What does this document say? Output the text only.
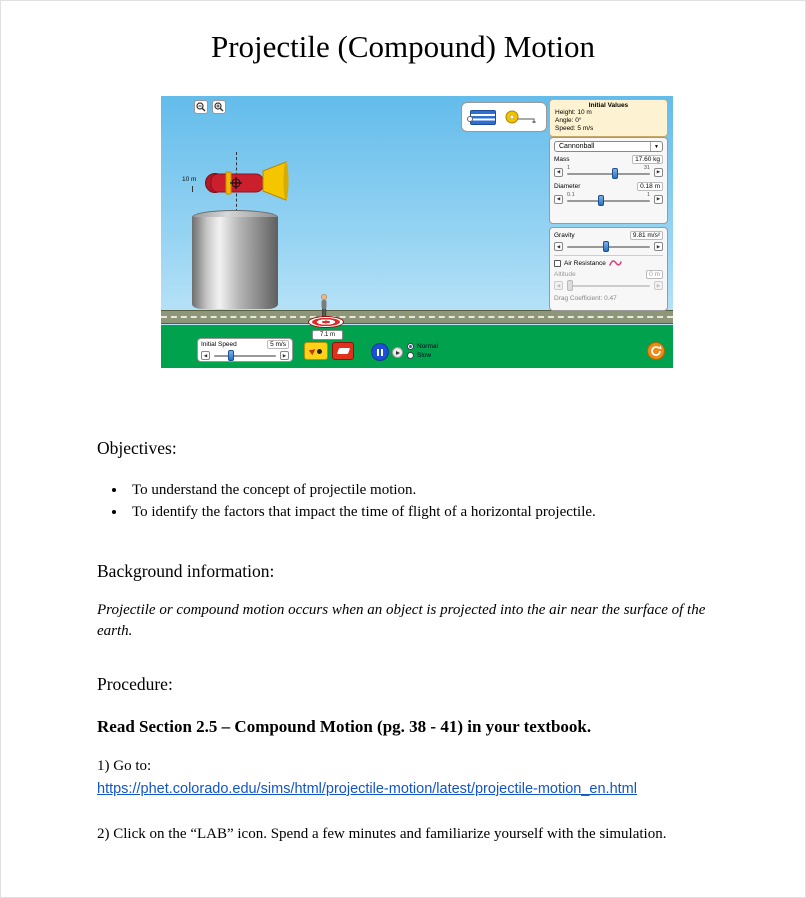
Projectile (Compound) Motion
10 m
7.1 m
Initial Values
Height: 10 m
Angle: 0°
Speed: 5 m/s
Cannonball	▼
Mass	17.60 kg
◀
1	31
▶
Diameter	0.18 m
◀
0.1	1
▶
Gravity	9.81 m/s²
◀	▶
Air Resistance
Altitude	0 m
◀	▶
Drag Coefficient: 0.47
Initial Speed	5 m/s
◀	▶
Normal
Slow
Objectives:
• To understand the concept of projectile motion.
• To identify the factors that impact the time of flight of a horizontal projectile.
Background information:
Projectile or compound motion occurs when an object is projected into the air near the surface of the earth.
Procedure:
Read Section 2.5 – Compound Motion (pg. 38 - 41) in your textbook.
1) Go to:
https://phet.colorado.edu/sims/html/projectile-motion/latest/projectile-motion_en.html
2) Click on the “LAB” icon. Spend a few minutes and familiarize yourself with the simulation.
